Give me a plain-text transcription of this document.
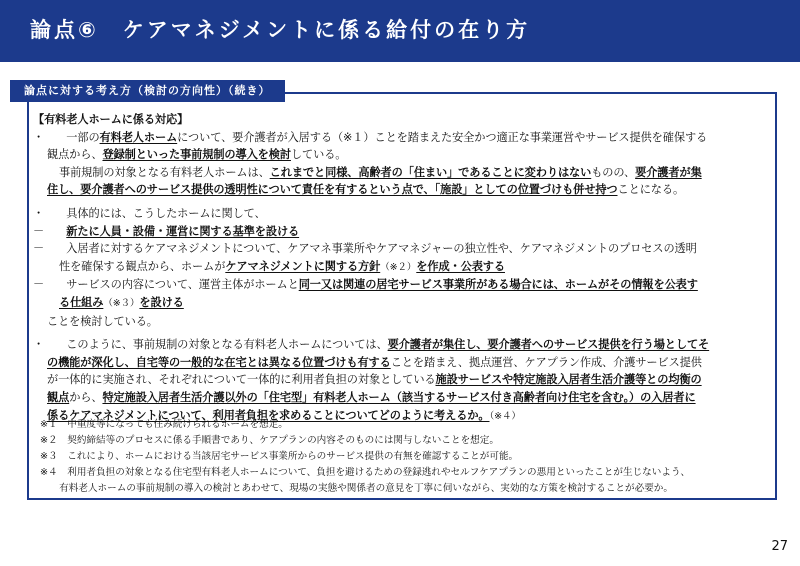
論点⑥　ケアマネジメントに係る給付の在り方
論点に対する考え方（検討の方向性）（続き）

【有料老人ホームに係る対応】

・　　 一部の有料老人ホームについて、要介護者が入居する（※１）ことを踏まえた安全かつ適正な事業運営やサービス提供を確保する

観点から、登録制といった事前規制の導入を検討している。

事前規制の対象となる有料老人ホームは、これまでと同様、高齢者の「住まい」であることに変わりはないものの、要介護者が集

住し、要介護者へのサービス提供の透明性について責任を有するという点で、「施設」としての位置づけも併せ持つことになる。

・　　 具体的には、こうしたホームに関して、

－　　 新たに人員・設備・運営に関する基準を設ける

－　　 入居者に対するケアマネジメントについて、ケアマネ事業所やケアマネジャーの独立性や、ケアマネジメントのプロセスの透明

性を確保する観点から、ホームがケアマネジメントに関する方針（※２）を作成・公表する

－　　 サービスの内容について、運営主体がホームと同一又は関連の居宅サービス事業所がある場合には、ホームがその情報を公表す

る仕組み（※３）を設ける

ことを検討している。

・　　 このように、事前規制の対象となる有料老人ホームについては、要介護者が集住し、要介護者へのサービス提供を行う場としてそ

の機能が深化し、自宅等の一般的な在宅とは異なる位置づけも有することを踏まえ、拠点運営、ケアプラン作成、介護サービス提供

が一体的に実施され、それぞれについて一体的に利用者負担の対象としている施設サービスや特定施設入居者生活介護等との均衡の

観点から、特定施設入居者生活介護以外の「住宅型」有料老人ホーム（該当するサービス付き高齢者向け住宅を含む。）の入居者に

係るケアマネジメントについて、利用者負担を求めることについてどのように考えるか。（※４）

※１　中重度等になっても住み続けられるホームを想定。

※２　契約締結等のプロセスに係る手順書であり、ケアプランの内容そのものには関与しないことを想定。

※３　これにより、ホームにおける当該居宅サービス事業所からのサービス提供の有無を確認することが可能。

※４　利用者負担の対象となる住宅型有料老人ホームについて、負担を避けるための登録逃れやセルフケアプランの悪用といったことが生じないよう、

　　有料老人ホームの事前規制の導入の検討とあわせて、現場の実態や関係者の意見を丁寧に伺いながら、実効的な方策を検討することが必要か。

27
